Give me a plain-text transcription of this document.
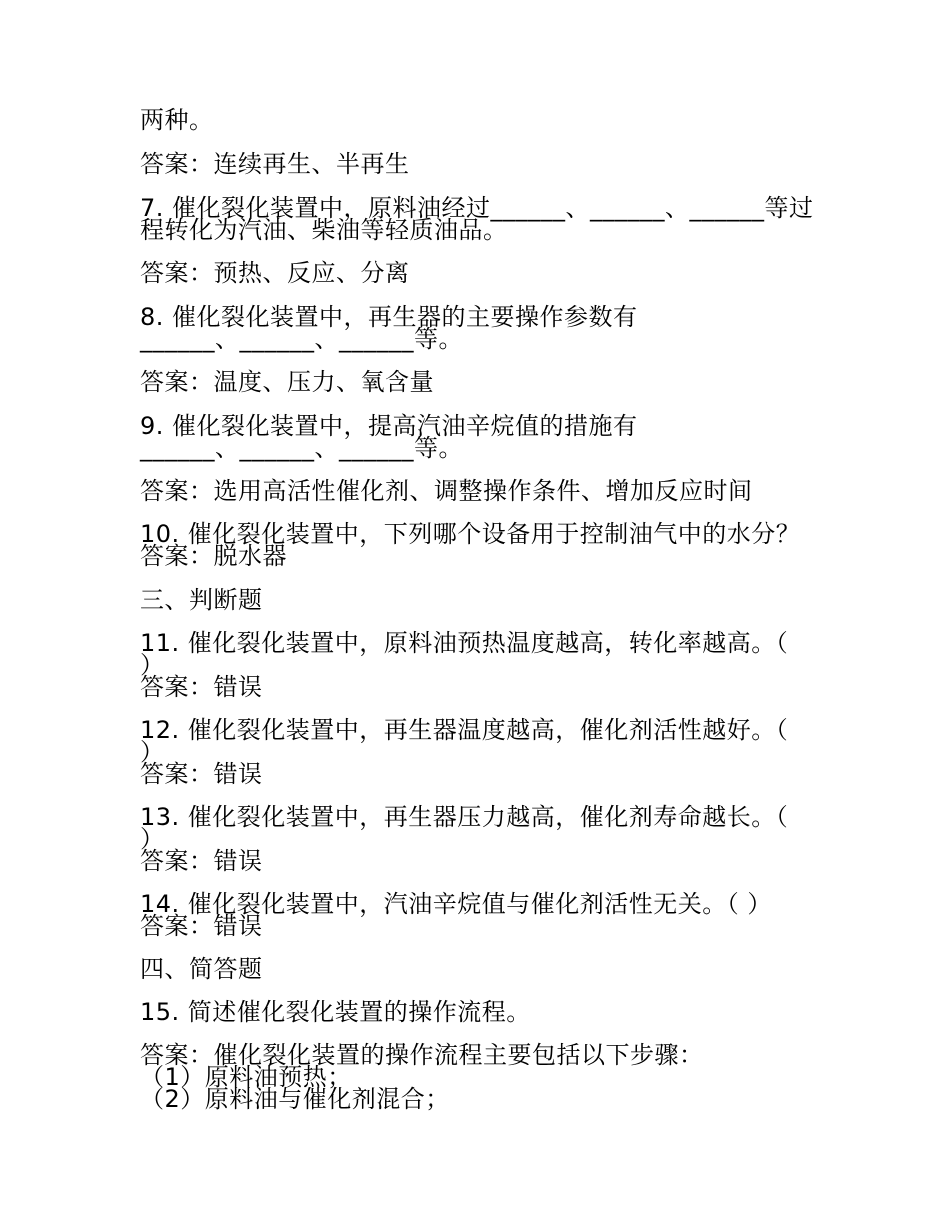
两种。
答案：连续再生、半再生
7. 催化裂化装置中，原料油经过______、______、______等过
程转化为汽油、柴油等轻质油品。
答案：预热、反应、分离
8. 催化裂化装置中，再生器的主要操作参数有
______、______、______等。
答案：温度、压力、氧含量
9. 催化裂化装置中，提高汽油辛烷值的措施有
______、______、______等。
答案：选用高活性催化剂、调整操作条件、增加反应时间
10. 催化裂化装置中，下列哪个设备用于控制油气中的水分？
答案：脱水器
三、判断题
11. 催化裂化装置中，原料油预热温度越高，转化率越高。（
）
答案：错误
12. 催化裂化装置中，再生器温度越高，催化剂活性越好。（
）
答案：错误
13. 催化裂化装置中，再生器压力越高，催化剂寿命越长。（
）
答案：错误
14. 催化裂化装置中，汽油辛烷值与催化剂活性无关。（ ）
答案：错误
四、简答题
15. 简述催化裂化装置的操作流程。
答案：催化裂化装置的操作流程主要包括以下步骤：
（1）原料油预热；
（2）原料油与催化剂混合；
